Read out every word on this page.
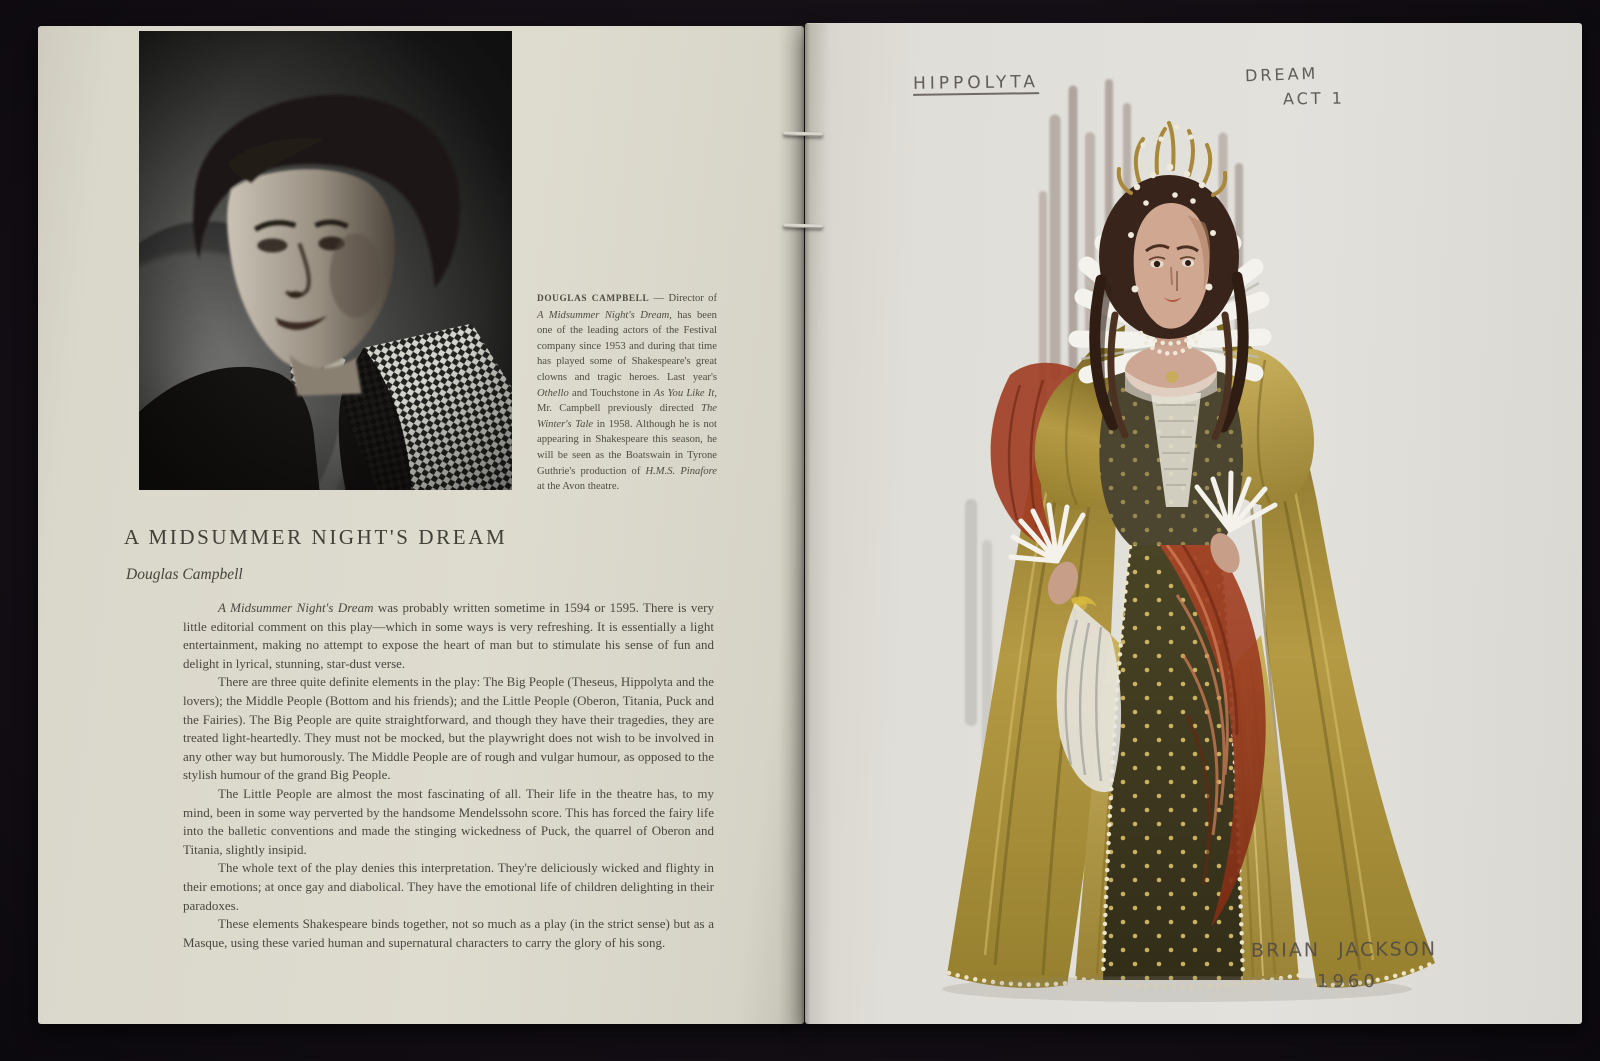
DOUGLAS CAMPBELL — Director of A Midsummer Night's Dream, has been one of the leading actors of the Festival company since 1953 and during that time has played some of Shakespeare's great clowns and tragic heroes. Last year's Othello and Touchstone in As You Like It, Mr. Campbell previously directed The Winter's Tale in 1958. Although he is not appearing in Shakespeare this season, he will be seen as the Boatswain in Tyrone Guthrie's production of H.M.S. Pinafore at the Avon theatre.
A MIDSUMMER NIGHT'S DREAM
Douglas Campbell

A Midsummer Night's Dream was probably written sometime in 1594 or 1595. There is very little editorial comment on this play—which in some ways is very refreshing. It is essentially a light entertainment, making no attempt to expose the heart of man but to stimulate his sense of fun and delight in lyrical, stunning, star-dust verse.

There are three quite definite elements in the play: The Big People (Theseus, Hippolyta and the lovers); the Middle People (Bottom and his friends); and the Little People (Oberon, Titania, Puck and the Fairies). The Big People are quite straightforward, and though they have their tragedies, they are treated light-heartedly. They must not be mocked, but the playwright does not wish to be involved in any other way but humorously. The Middle People are of rough and vulgar humour, as opposed to the stylish humour of the grand Big People.

The Little People are almost the most fascinating of all. Their life in the theatre has, to my mind, been in some way perverted by the handsome Mendelssohn score. This has forced the fairy life into the balletic conventions and made the stinging wickedness of Puck, the quarrel of Oberon and Titania, slightly insipid.

The whole text of the play denies this interpretation. They're deliciously wicked and flighty in their emotions; at once gay and diabolical. They have the emotional life of children delighting in their paradoxes.

These elements Shakespeare binds together, not so much as a play (in the strict sense) but as a Masque, using these varied human and supernatural characters to carry the glory of his song.

HIPPOLYTA	DREAM
ACT 1
BRIAN JACKSON
1960
